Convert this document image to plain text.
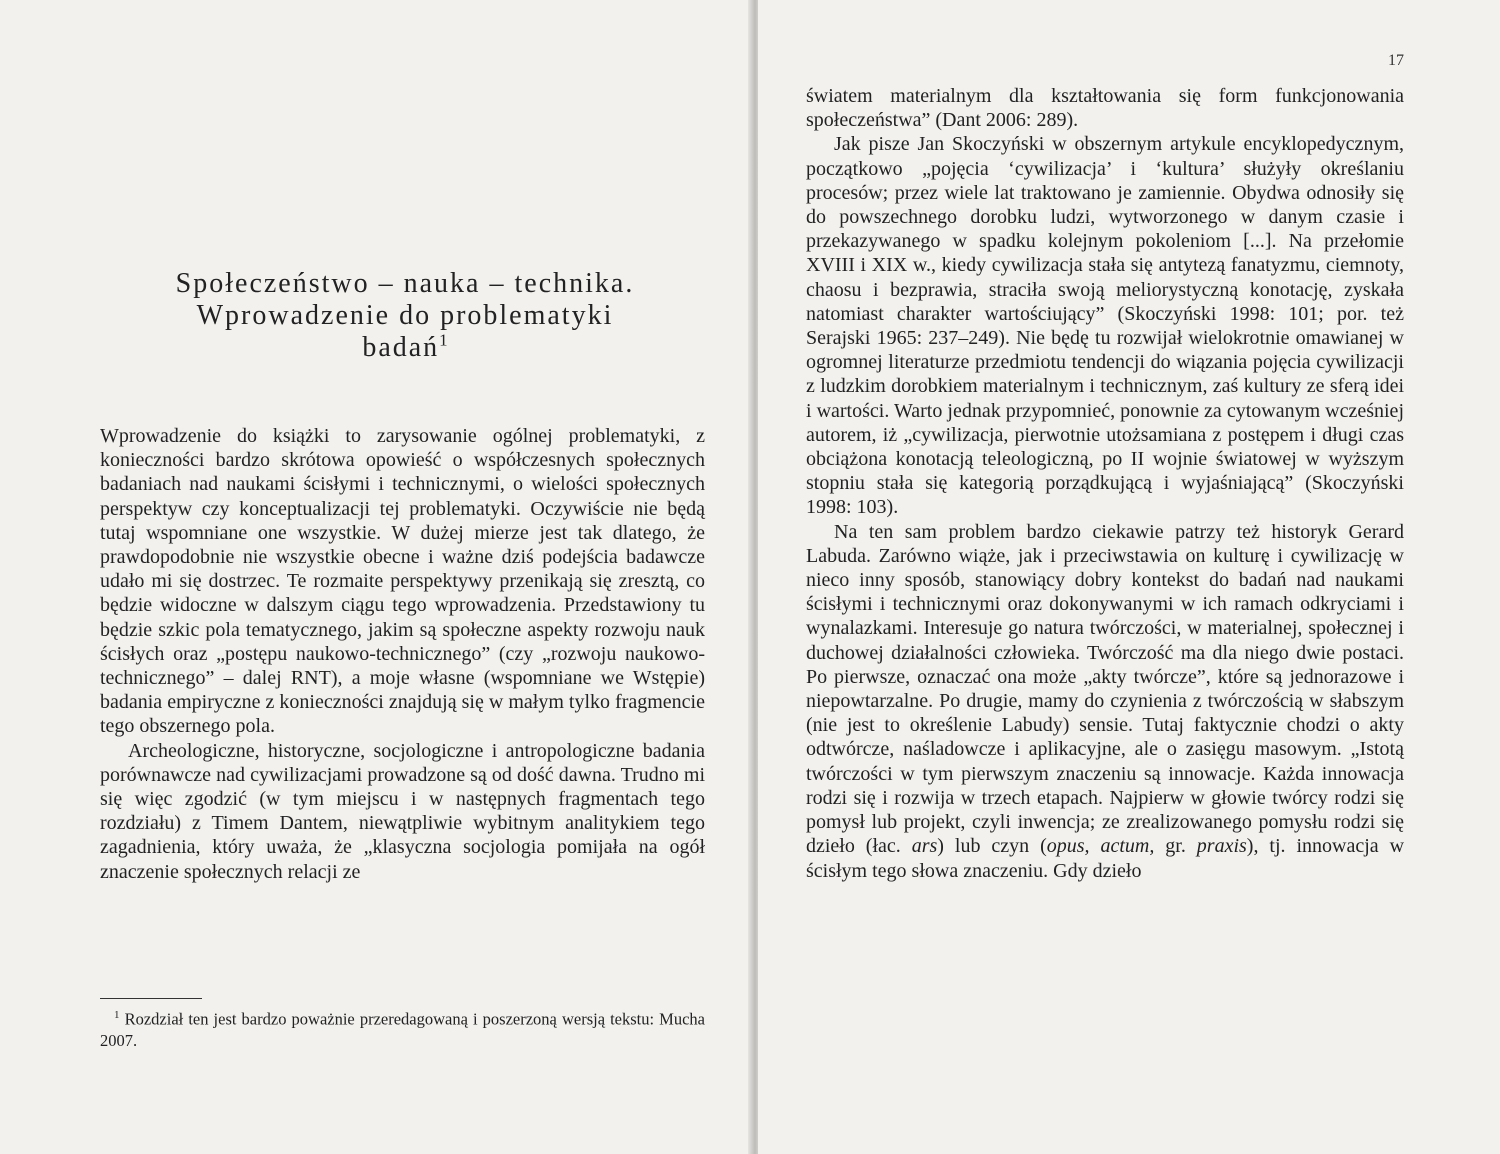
Społeczeństwo – nauka – technika.
Wprowadzenie do problematyki
badań$^1$

Wprowadzenie do książki to zarysowanie ogólnej problematyki, z konieczności bardzo skrótowa opowieść o współczesnych społecznych badaniach nad naukami ścisłymi i technicznymi, o wielości społecznych perspektyw czy konceptualizacji tej problematyki. Oczywiście nie będą tutaj wspomniane one wszystkie. W dużej mierze jest tak dlatego, że prawdopodobnie nie wszystkie obecne i ważne dziś podejścia badawcze udało mi się dostrzec. Te rozmaite perspektywy przenikają się zresztą, co będzie widoczne w dalszym ciągu tego wprowadzenia. Przedstawiony tu będzie szkic pola tematycznego, jakim są społeczne aspekty rozwoju nauk ścisłych oraz „postępu naukowo-technicznego” (czy „rozwoju naukowo-technicznego” – dalej RNT), a moje własne (wspomniane we Wstępie) badania empiryczne z konieczności znajdują się w małym tylko fragmencie tego obszernego pola.

Archeologiczne, historyczne, socjologiczne i antropologiczne badania porównawcze nad cywilizacjami prowadzone są od dość dawna. Trudno mi się więc zgodzić (w tym miejscu i w następnych fragmentach tego rozdziału) z Timem Dantem, niewątpliwie wybitnym analitykiem tego zagadnienia, który uważa, że „klasyczna socjologia pomijała na ogół znaczenie społecznych relacji ze

$^1$ Rozdział ten jest bardzo poważnie przeredagowaną i poszerzoną wersją tekstu: Mucha 2007.

17

światem materialnym dla kształtowania się form funkcjonowania społeczeństwa” (Dant 2006: 289).

Jak pisze Jan Skoczyński w obszernym artykule encyklopedycznym, początkowo „pojęcia ‘cywilizacja’ i ‘kultura’ służyły określaniu procesów; przez wiele lat traktowano je zamiennie. Obydwa odnosiły się do powszechnego dorobku ludzi, wytworzonego w danym czasie i przekazywanego w spadku kolejnym pokoleniom [...]. Na przełomie XVIII i XIX w., kiedy cywilizacja stała się antytezą fanatyzmu, ciemnoty, chaosu i bezprawia, straciła swoją meliorystyczną konotację, zyskała natomiast charakter wartościujący” (Skoczyński 1998: 101; por. też Serajski 1965: 237–249). Nie będę tu rozwijał wielokrotnie omawianej w ogromnej literaturze przedmiotu tendencji do wiązania pojęcia cywilizacji z ludzkim dorobkiem materialnym i technicznym, zaś kultury ze sferą idei i wartości. Warto jednak przypomnieć, ponownie za cytowanym wcześniej autorem, iż „cywilizacja, pierwotnie utożsamiana z postępem i długi czas obciążona konotacją teleologiczną, po II wojnie światowej w wyższym stopniu stała się kategorią porządkującą i wyjaśniającą” (Skoczyński 1998: 103).

Na ten sam problem bardzo ciekawie patrzy też historyk Gerard Labuda. Zarówno wiąże, jak i przeciwstawia on kulturę i cywilizację w nieco inny sposób, stanowiący dobry kontekst do badań nad naukami ścisłymi i technicznymi oraz dokonywanymi w ich ramach odkryciami i wynalazkami. Interesuje go natura twórczości, w materialnej, społecznej i duchowej działalności człowieka. Twórczość ma dla niego dwie postaci. Po pierwsze, oznaczać ona może „akty twórcze”, które są jednorazowe i niepowtarzalne. Po drugie, mamy do czynienia z twórczością w słabszym (nie jest to określenie Labudy) sensie. Tutaj faktycznie chodzi o akty odtwórcze, naśladowcze i aplikacyjne, ale o zasięgu masowym. „Istotą twórczości w tym pierwszym znaczeniu są innowacje. Każda innowacja rodzi się i rozwija w trzech etapach. Najpierw w głowie twórcy rodzi się pomysł lub projekt, czyli inwencja; ze zrealizowanego pomysłu rodzi się dzieło (łac. ars) lub czyn (opus, actum, gr. praxis), tj. innowacja w ścisłym tego słowa znaczeniu. Gdy dzieło
